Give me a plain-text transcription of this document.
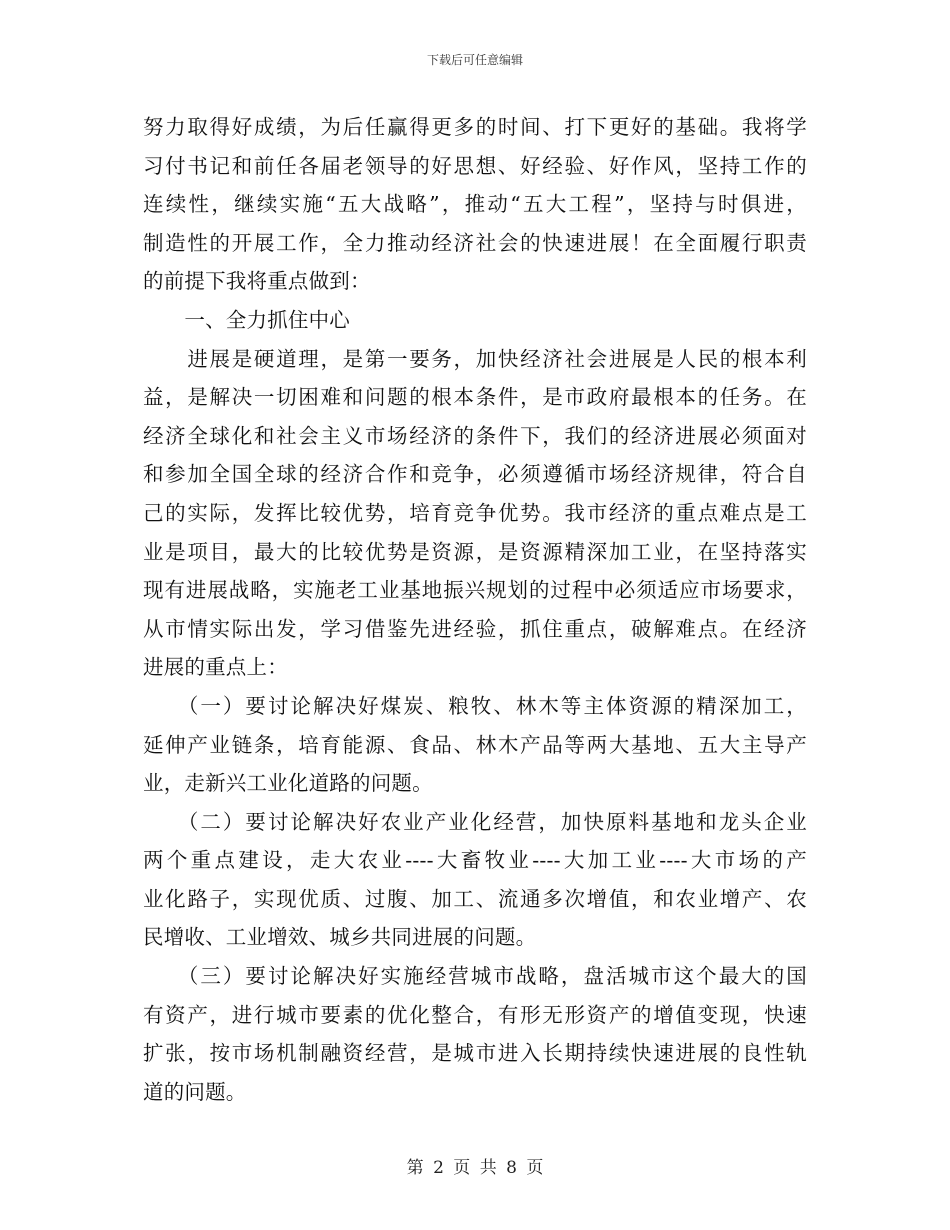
下载后可任意编辑
努力取得好成绩，为后任赢得更多的时间、打下更好的基础。我将学
习付书记和前任各届老领导的好思想、好经验、好作风，坚持工作的
连续性，继续实施“五大战略”，推动“五大工程”，坚持与时俱进，
制造性的开展工作，全力推动经济社会的快速进展！在全面履行职责
的前提下我将重点做到：
　　一、全力抓住中心
　　进展是硬道理，是第一要务，加快经济社会进展是人民的根本利
益，是解决一切困难和问题的根本条件，是市政府最根本的任务。在
经济全球化和社会主义市场经济的条件下，我们的经济进展必须面对
和参加全国全球的经济合作和竞争，必须遵循市场经济规律，符合自
己的实际，发挥比较优势，培育竞争优势。我市经济的重点难点是工
业是项目，最大的比较优势是资源，是资源精深加工业，在坚持落实
现有进展战略，实施老工业基地振兴规划的过程中必须适应市场要求，
从市情实际出发，学习借鉴先进经验，抓住重点，破解难点。在经济
进展的重点上：
　　（一）要讨论解决好煤炭、粮牧、林木等主体资源的精深加工，
延伸产业链条，培育能源、食品、林木产品等两大基地、五大主导产
业，走新兴工业化道路的问题。
　　（二）要讨论解决好农业产业化经营，加快原料基地和龙头企业
两个重点建设，走大农业----大畜牧业----大加工业----大市场的产
业化路子，实现优质、过腹、加工、流通多次增值，和农业增产、农
民增收、工业增效、城乡共同进展的问题。
　　（三）要讨论解决好实施经营城市战略，盘活城市这个最大的国
有资产，进行城市要素的优化整合，有形无形资产的增值变现，快速
扩张，按市场机制融资经营，是城市进入长期持续快速进展的良性轨
道的问题。
第 2 页 共 8 页
